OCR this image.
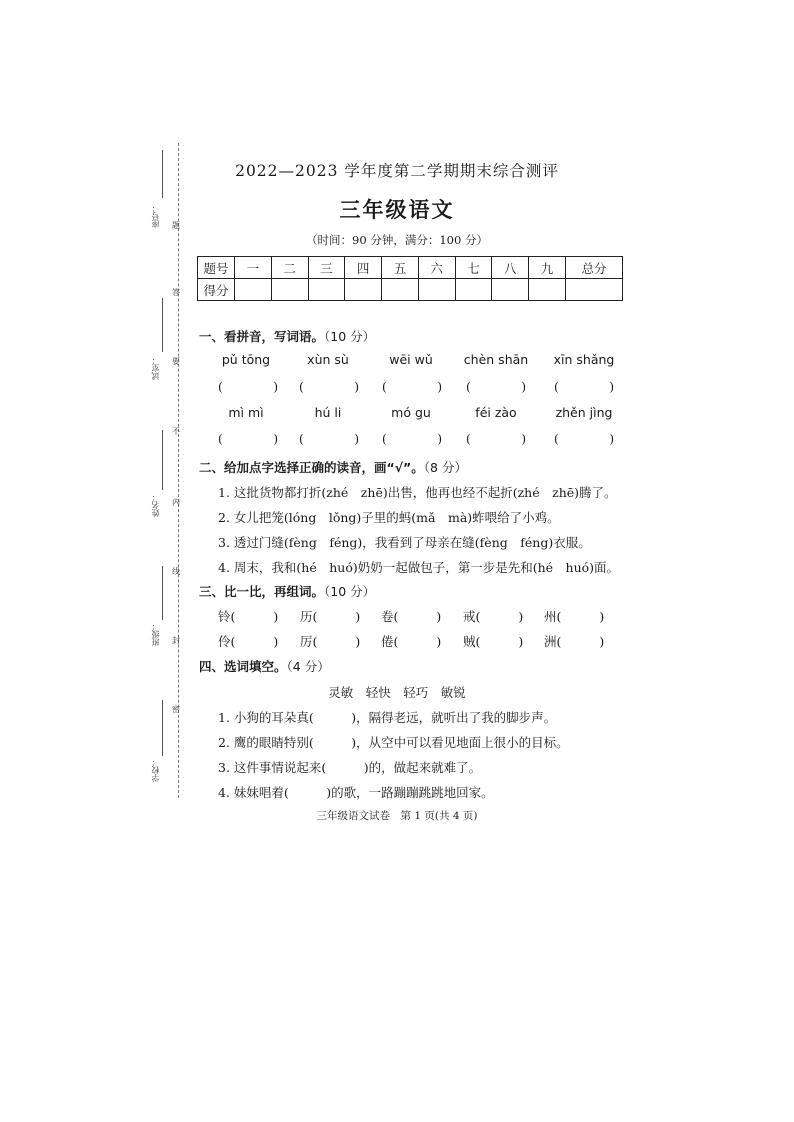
座号：
试室：
姓名：
班级：
学校：
题
答
要
不
内
线
封
密
2022—2023 学年度第二学期期末综合测评
三年级语文
（时间：90 分钟，满分：100 分）
题号	一	二	三	四	五	六	七	八	九	总分
得分										
一、看拼音，写词语。（10 分）
pǔ tōng	xùn sù	wēi wǔ	chèn shān	xīn shǎng
(	) (	) (	) (	) (	)
mì mì	hú li	mó gu	féi zào	zhěn jìng
(	) (	) (	) (	) (	)
二、给加点字选择正确的读音，画“√”。（8 分）
1. 这批货物都打折(zhé　zhē)出售，他再也经不起折(zhé　zhē)腾了。
2. 女儿把笼(lóng　lǒng)子里的蚂(mǎ　mà)蚱喂给了小鸡。
3. 透过门缝(fèng　féng)，我看到了母亲在缝(fèng　féng)衣服。
4. 周末，我和(hé　huó)奶奶一起做包子，第一步是先和(hé　huó)面。
三、比一比，再组词。（10 分）
铃(	) 历(	) 卷(	) 戒(	) 州(	)
伶(	) 厉(	) 倦(	) 贼(	) 洲(	)
四、选词填空。（4 分）
灵敏　轻快　轻巧　敏锐
1. 小狗的耳朵真(　　　)，隔得老远，就听出了我的脚步声。
2. 鹰的眼睛特别(　　　)，从空中可以看见地面上很小的目标。
3. 这件事情说起来(　　　)的，做起来就难了。
4. 妹妹唱着(　　　)的歌，一路蹦蹦跳跳地回家。
三年级语文试卷　第 1 页(共 4 页)
